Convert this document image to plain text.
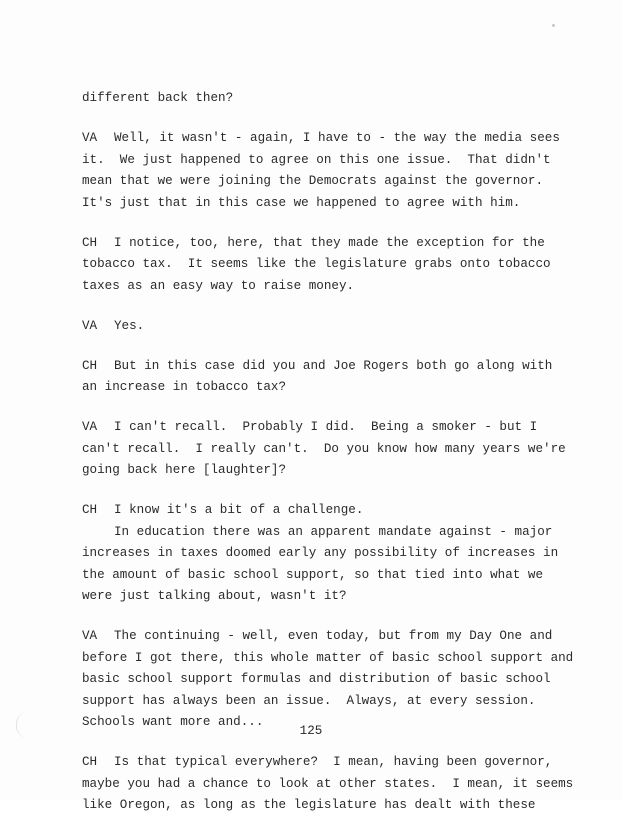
different back then?
VA Well, it wasn't - again, I have to - the way the media sees
it.  We just happened to agree on this one issue.  That didn't
mean that we were joining the Democrats against the governor.
It's just that in this case we happened to agree with him.
CH I notice, too, here, that they made the exception for the
tobacco tax.  It seems like the legislature grabs onto tobacco
taxes as an easy way to raise money.
VA Yes.
CH But in this case did you and Joe Rogers both go along with
an increase in tobacco tax?
VA I can't recall.  Probably I did.  Being a smoker - but I
can't recall.  I really can't.  Do you know how many years we're
going back here [laughter]?
CH I know it's a bit of a challenge.
In education there was an apparent mandate against - major
increases in taxes doomed early any possibility of increases in
the amount of basic school support, so that tied into what we
were just talking about, wasn't it?
VA The continuing - well, even today, but from my Day One and
before I got there, this whole matter of basic school support and
basic school support formulas and distribution of basic school
support has always been an issue.  Always, at every session.
Schools want more and...
CH Is that typical everywhere?  I mean, having been governor,
maybe you had a chance to look at other states.  I mean, it seems
like Oregon, as long as the legislature has dealt with these
125
